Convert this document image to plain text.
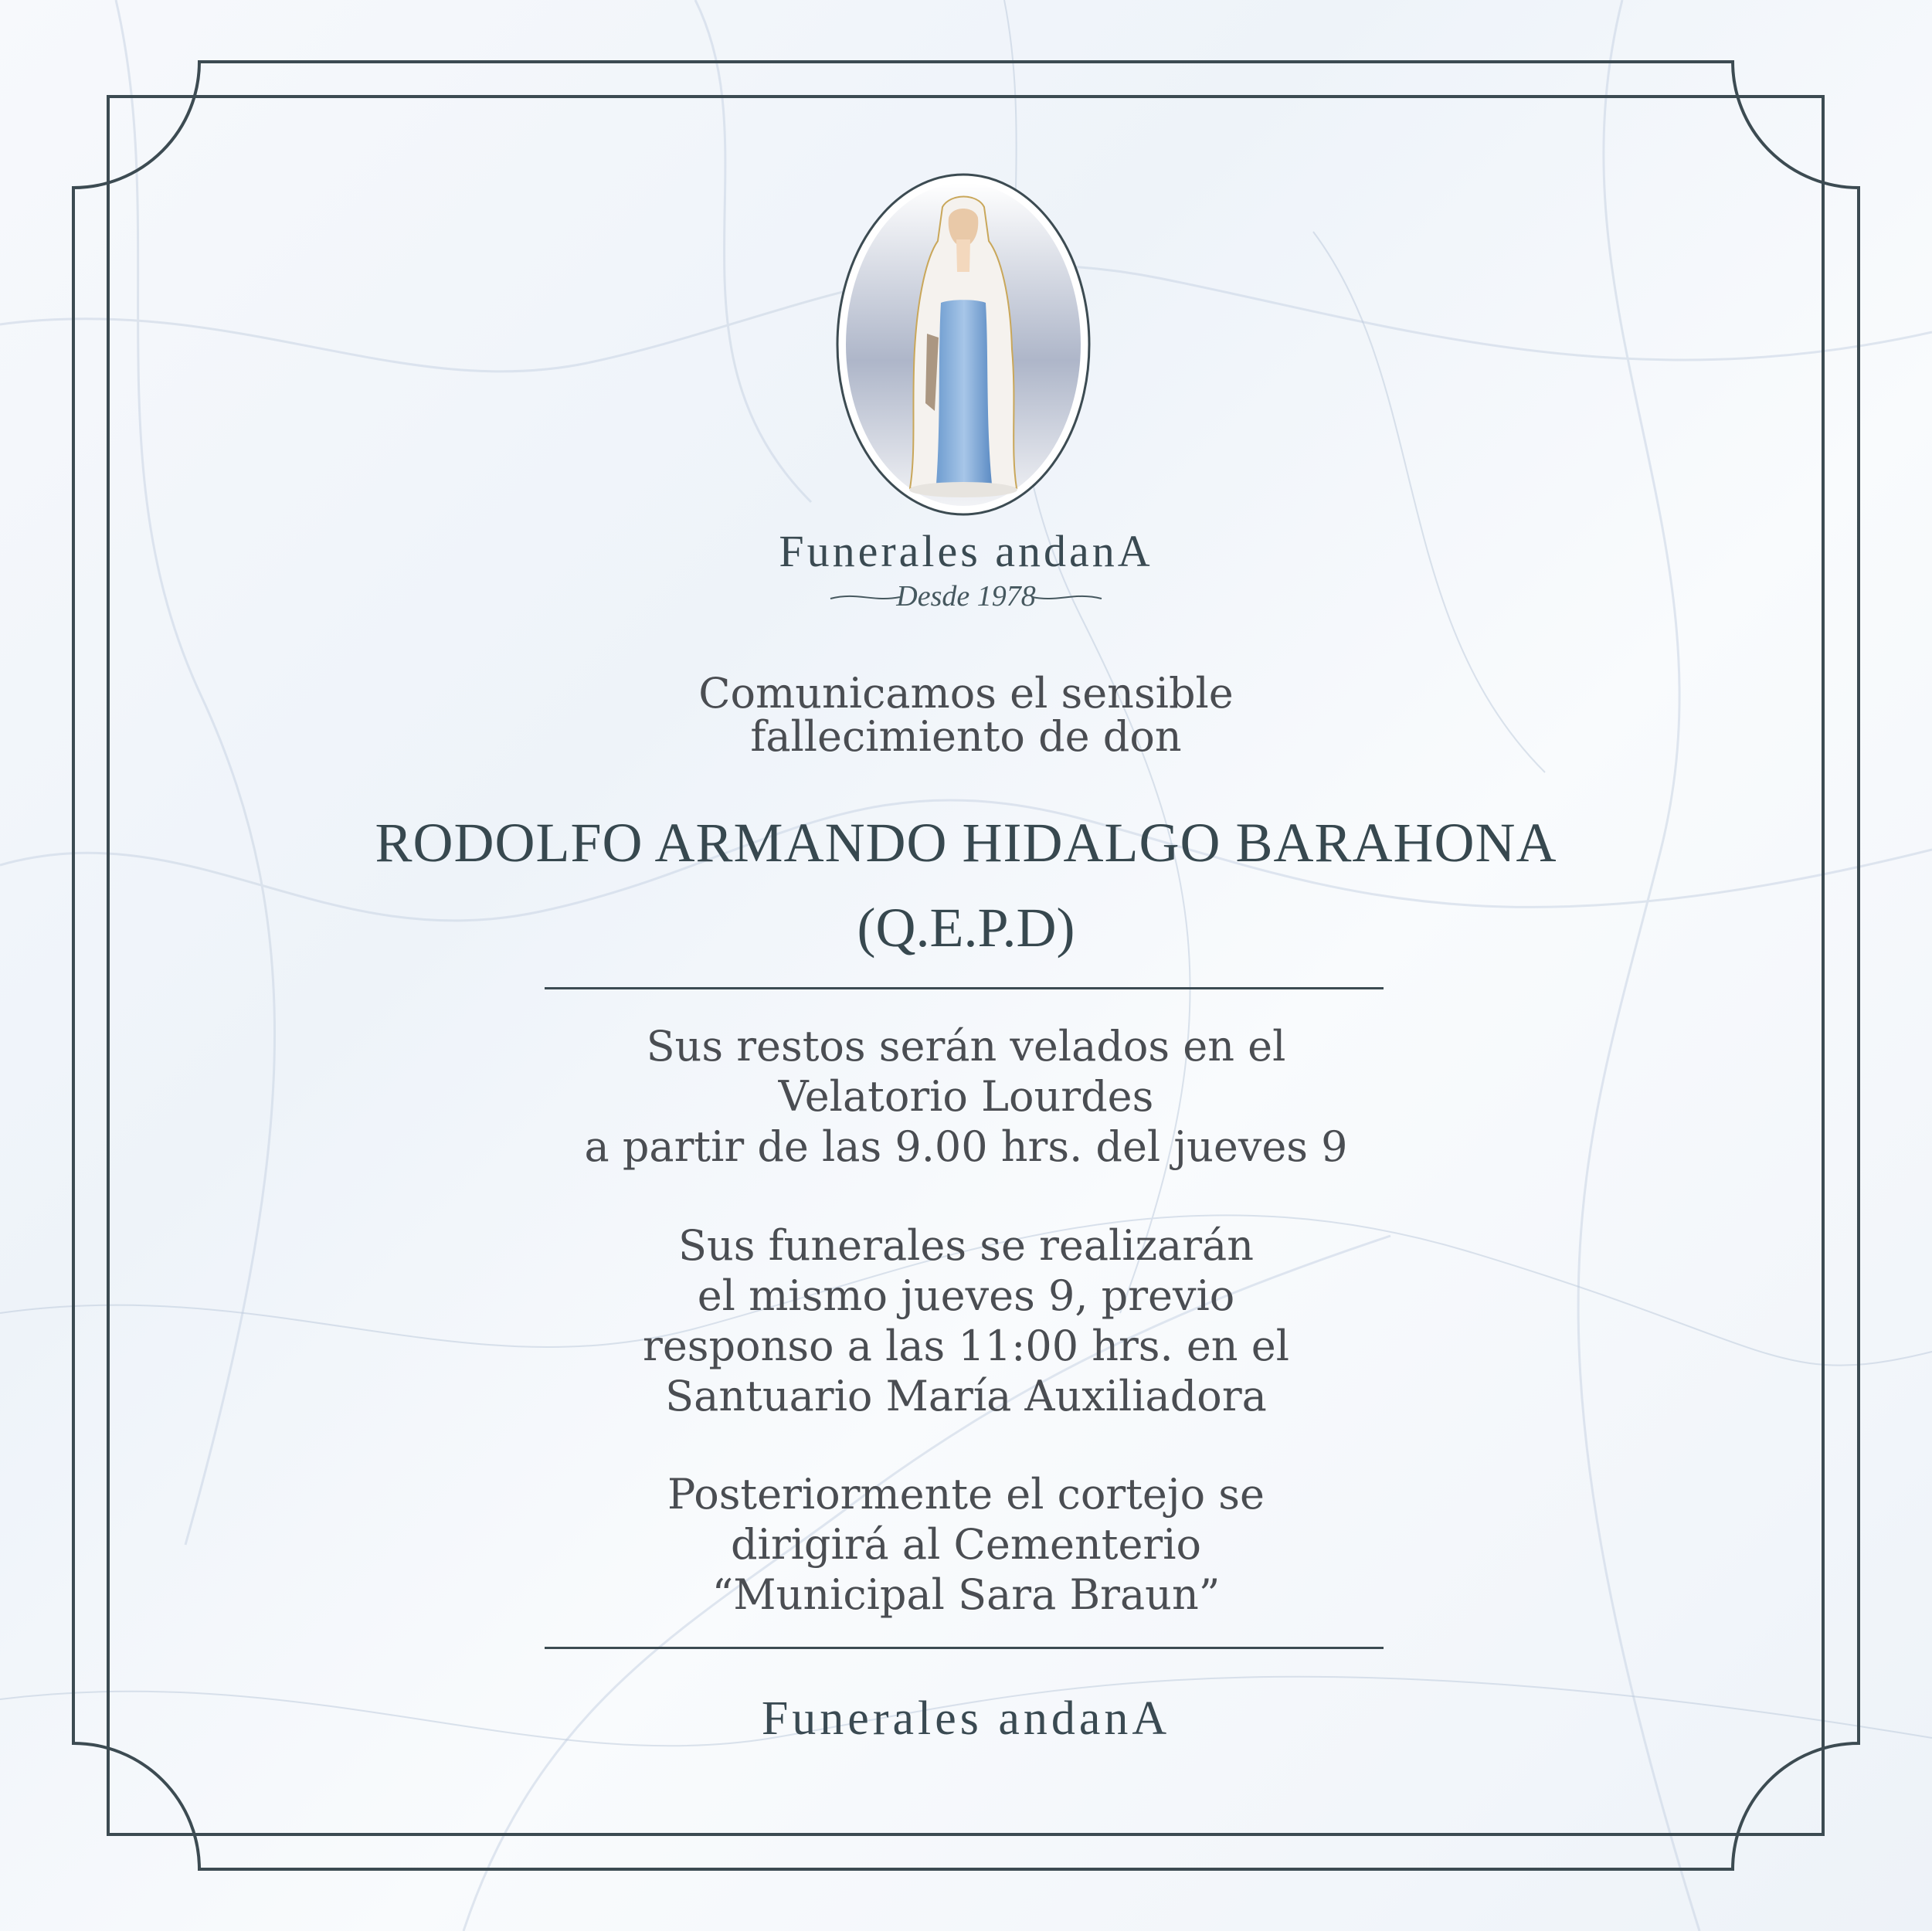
Funerales andanA
Desde 1978
Comunicamos el sensible
fallecimiento de don
RODOLFO ARMANDO HIDALGO BARAHONA
(Q.E.P.D)
Sus restos serán velados en el
Velatorio Lourdes
a partir de las 9.00 hrs. del jueves 9
Sus funerales se realizarán
el mismo jueves 9, previo
responso a las 11:00 hrs. en el
Santuario María Auxiliadora
Posteriormente el cortejo se
dirigirá al Cementerio
“Municipal Sara Braun”
Funerales andanA
